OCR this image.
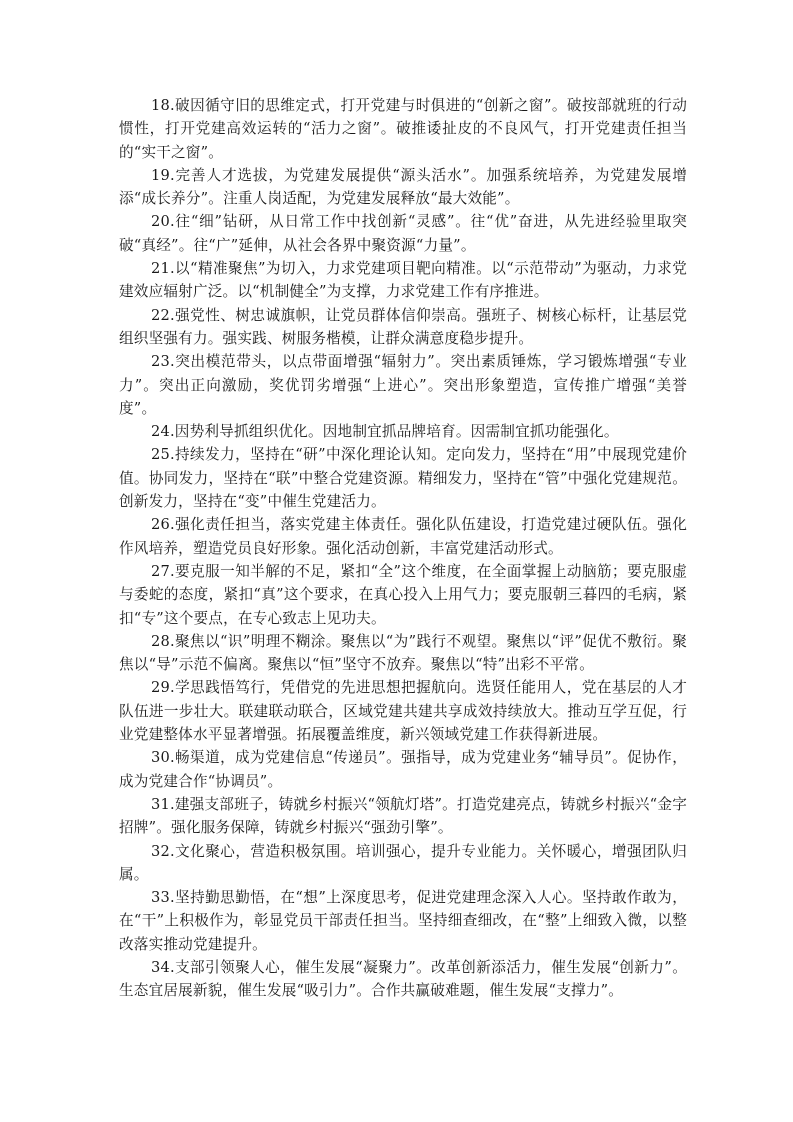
18.破因循守旧的思维定式，打开党建与时俱进的“创新之窗”。破按部就班的行动惯性，打开党建高效运转的“活力之窗”。破推诿扯皮的不良风气，打开党建责任担当的“实干之窗”。

19.完善人才选拔，为党建发展提供“源头活水”。加强系统培养，为党建发展增添“成长养分”。注重人岗适配，为党建发展释放“最大效能”。

20.往“细”钻研，从日常工作中找创新“灵感”。往“优”奋进，从先进经验里取突破“真经”。往“广”延伸，从社会各界中聚资源“力量”。

21.以“精准聚焦”为切入，力求党建项目靶向精准。以“示范带动”为驱动，力求党建效应辐射广泛。以“机制健全”为支撑，力求党建工作有序推进。

22.强党性、树忠诚旗帜，让党员群体信仰崇高。强班子、树核心标杆，让基层党组织坚强有力。强实践、树服务楷模，让群众满意度稳步提升。

23.突出模范带头，以点带面增强“辐射力”。突出素质锤炼，学习锻炼增强“专业力”。突出正向激励，奖优罚劣增强“上进心”。突出形象塑造，宣传推广增强“美誉度”。

24.因势利导抓组织优化。因地制宜抓品牌培育。因需制宜抓功能强化。

25.持续发力，坚持在“研”中深化理论认知。定向发力，坚持在“用”中展现党建价值。协同发力，坚持在“联”中整合党建资源。精细发力，坚持在“管”中强化党建规范。创新发力，坚持在“变”中催生党建活力。

26.强化责任担当，落实党建主体责任。强化队伍建设，打造党建过硬队伍。强化作风培养，塑造党员良好形象。强化活动创新，丰富党建活动形式。

27.要克服一知半解的不足，紧扣“全”这个维度，在全面掌握上动脑筋；要克服虚与委蛇的态度，紧扣“真”这个要求，在真心投入上用气力；要克服朝三暮四的毛病，紧扣“专”这个要点，在专心致志上见功夫。

28.聚焦以“识”明理不糊涂。聚焦以“为”践行不观望。聚焦以“评”促优不敷衍。聚焦以“导”示范不偏离。聚焦以“恒”坚守不放弃。聚焦以“特”出彩不平常。

29.学思践悟笃行，凭借党的先进思想把握航向。选贤任能用人，党在基层的人才队伍进一步壮大。联建联动联合，区域党建共建共享成效持续放大。推动互学互促，行业党建整体水平显著增强。拓展覆盖维度，新兴领域党建工作获得新进展。

30.畅渠道，成为党建信息“传递员”。强指导，成为党建业务“辅导员”。促协作，成为党建合作“协调员”。

31.建强支部班子，铸就乡村振兴“领航灯塔”。打造党建亮点，铸就乡村振兴“金字招牌”。强化服务保障，铸就乡村振兴“强劲引擎”。

32.文化聚心，营造积极氛围。培训强心，提升专业能力。关怀暖心，增强团队归属。

33.坚持勤思勤悟，在“想”上深度思考，促进党建理念深入人心。坚持敢作敢为，在“干”上积极作为，彰显党员干部责任担当。坚持细查细改，在“整”上细致入微，以整改落实推动党建提升。

34.支部引领聚人心，催生发展“凝聚力”。改革创新添活力，催生发展“创新力”。生态宜居展新貌，催生发展“吸引力”。合作共赢破难题，催生发展“支撑力”。
